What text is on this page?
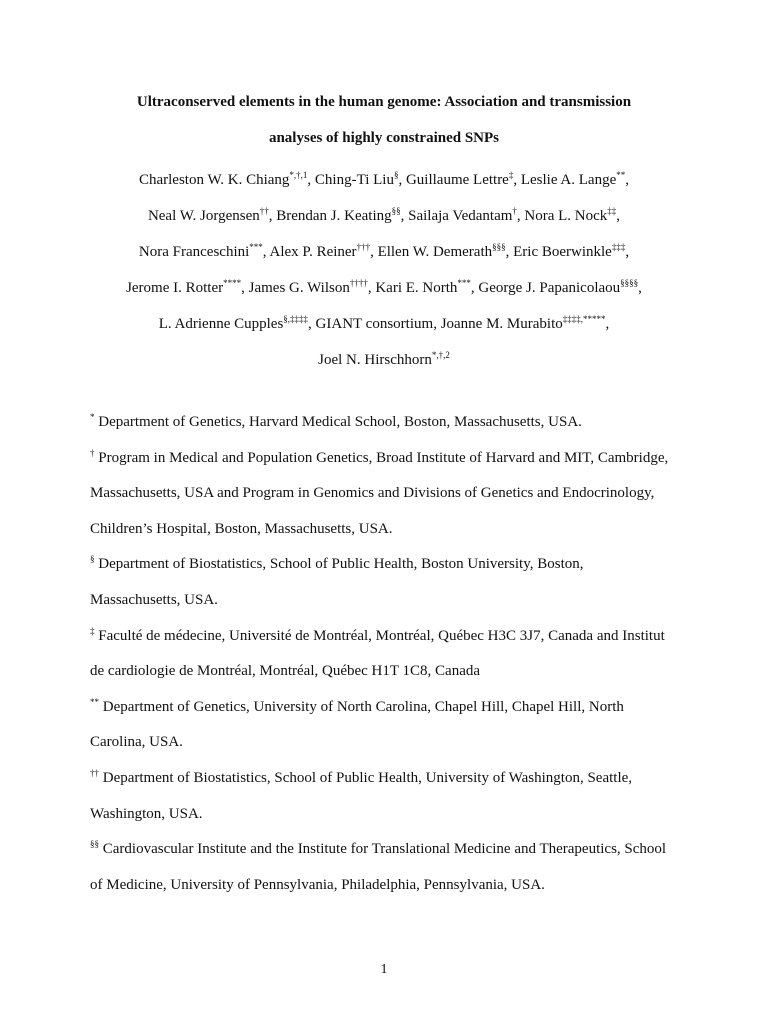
Ultraconserved elements in the human genome: Association and transmission
analyses of highly constrained SNPs
Charleston W. K. Chiang$^{*,\dagger,1}$, Ching-Ti Liu§, Guillaume Lettre‡, Leslie A. Lange**,
Neal W. Jorgensen††, Brendan J. Keating§§, Sailaja Vedantam†, Nora L. Nock‡‡,
Nora Franceschini***, Alex P. Reiner†††, Ellen W. Demerath§§§, Eric Boerwinkle‡‡‡,
Jerome I. Rotter****, James G. Wilson††††, Kari E. North***, George J. Papanicolaou§§§§,
L. Adrienne Cupples§,‡‡‡‡, GIANT consortium, Joanne M. Murabito‡‡‡‡,*****,
Joel N. Hirschhorn$^{*,\dagger,2}$
* Department of Genetics, Harvard Medical School, Boston, Massachusetts, USA.
† Program in Medical and Population Genetics, Broad Institute of Harvard and MIT, Cambridge,
Massachusetts, USA and Program in Genomics and Divisions of Genetics and Endocrinology,
Children’s Hospital, Boston, Massachusetts, USA.
§ Department of Biostatistics, School of Public Health, Boston University, Boston,
Massachusetts, USA.
‡ Faculté de médecine, Université de Montréal, Montréal, Québec H3C 3J7, Canada and Institut
de cardiologie de Montréal, Montréal, Québec H1T 1C8, Canada
** Department of Genetics, University of North Carolina, Chapel Hill, Chapel Hill, North
Carolina, USA.
†† Department of Biostatistics, School of Public Health, University of Washington, Seattle,
Washington, USA.
§§ Cardiovascular Institute and the Institute for Translational Medicine and Therapeutics, School
of Medicine, University of Pennsylvania, Philadelphia, Pennsylvania, USA.
1
